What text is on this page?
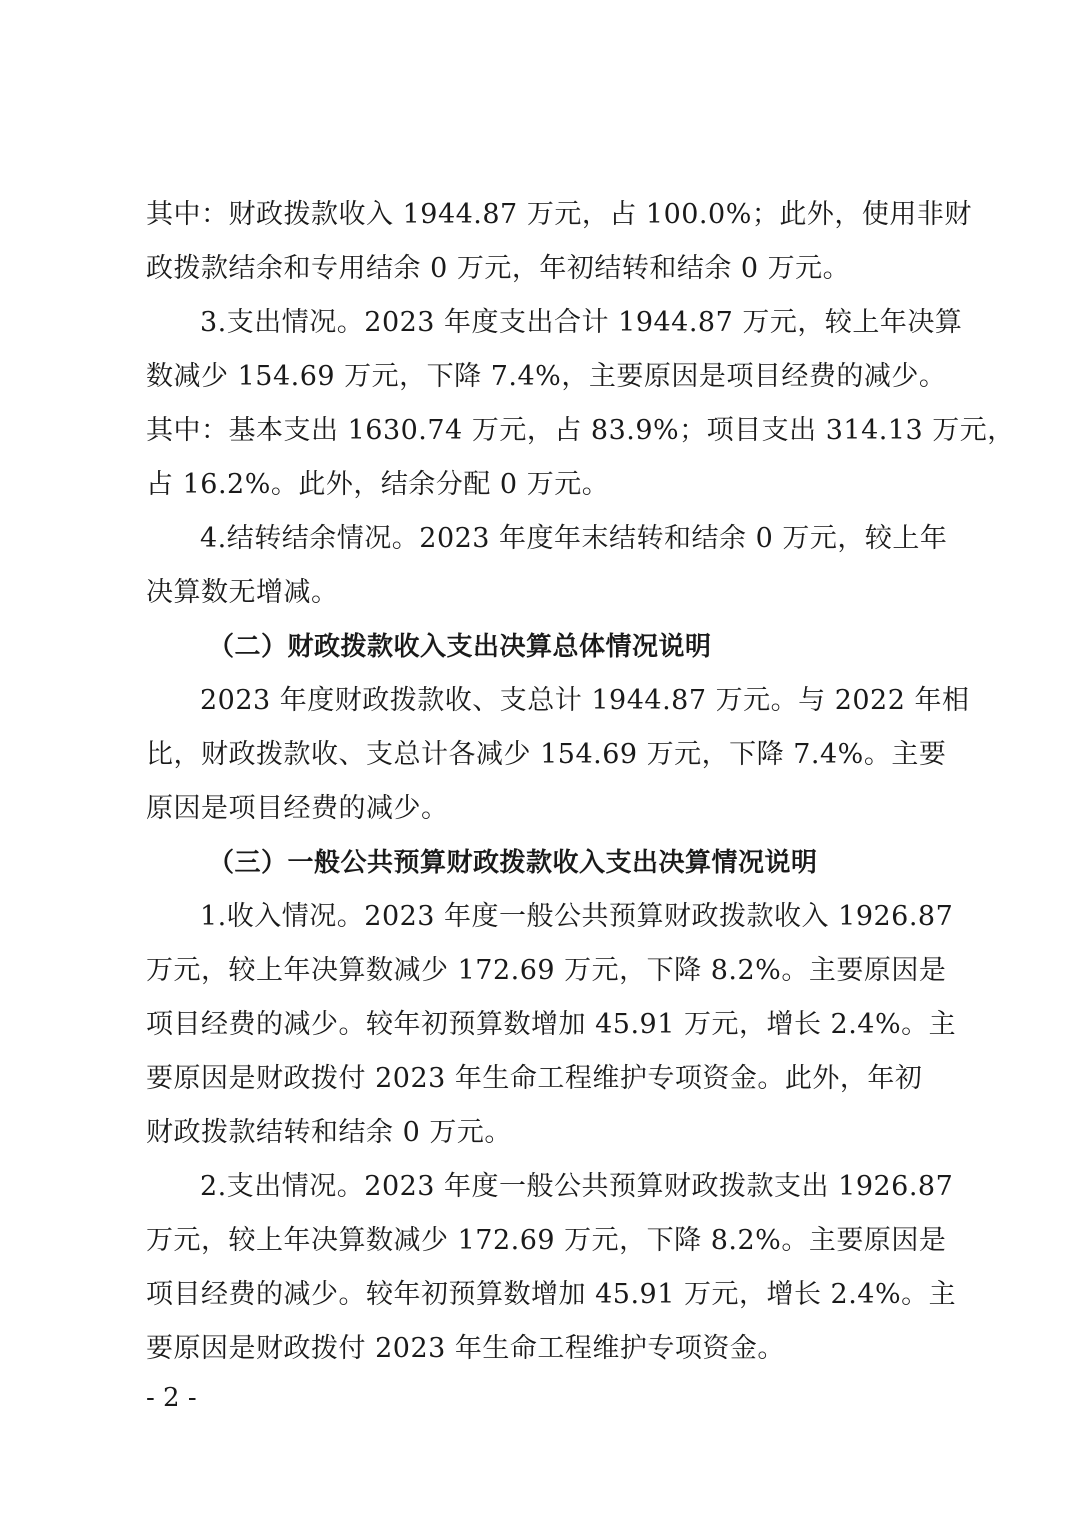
其中：财政拨款收入 1944.87 万元，占 100.0%；此外，使用非财
政拨款结余和专用结余 0 万元，年初结转和结余 0 万元。
3.支出情况。2023 年度支出合计 1944.87 万元，较上年决算
数减少 154.69 万元，下降 7.4%，主要原因是项目经费的减少。
其中：基本支出 1630.74 万元，占 83.9%；项目支出 314.13 万元，
占 16.2%。此外，结余分配 0 万元。
4.结转结余情况。2023 年度年末结转和结余 0 万元，较上年
决算数无增减。
（二）财政拨款收入支出决算总体情况说明
2023 年度财政拨款收、支总计 1944.87 万元。与 2022 年相
比，财政拨款收、支总计各减少 154.69 万元，下降 7.4%。主要
原因是项目经费的减少。
（三）一般公共预算财政拨款收入支出决算情况说明
1.收入情况。2023 年度一般公共预算财政拨款收入 1926.87
万元，较上年决算数减少 172.69 万元，下降 8.2%。主要原因是
项目经费的减少。较年初预算数增加 45.91 万元，增长 2.4%。主
要原因是财政拨付 2023 年生命工程维护专项资金。此外，年初
财政拨款结转和结余 0 万元。
2.支出情况。2023 年度一般公共预算财政拨款支出 1926.87
万元，较上年决算数减少 172.69 万元，下降 8.2%。主要原因是
项目经费的减少。较年初预算数增加 45.91 万元，增长 2.4%。主
要原因是财政拨付 2023 年生命工程维护专项资金。
- 2 -
